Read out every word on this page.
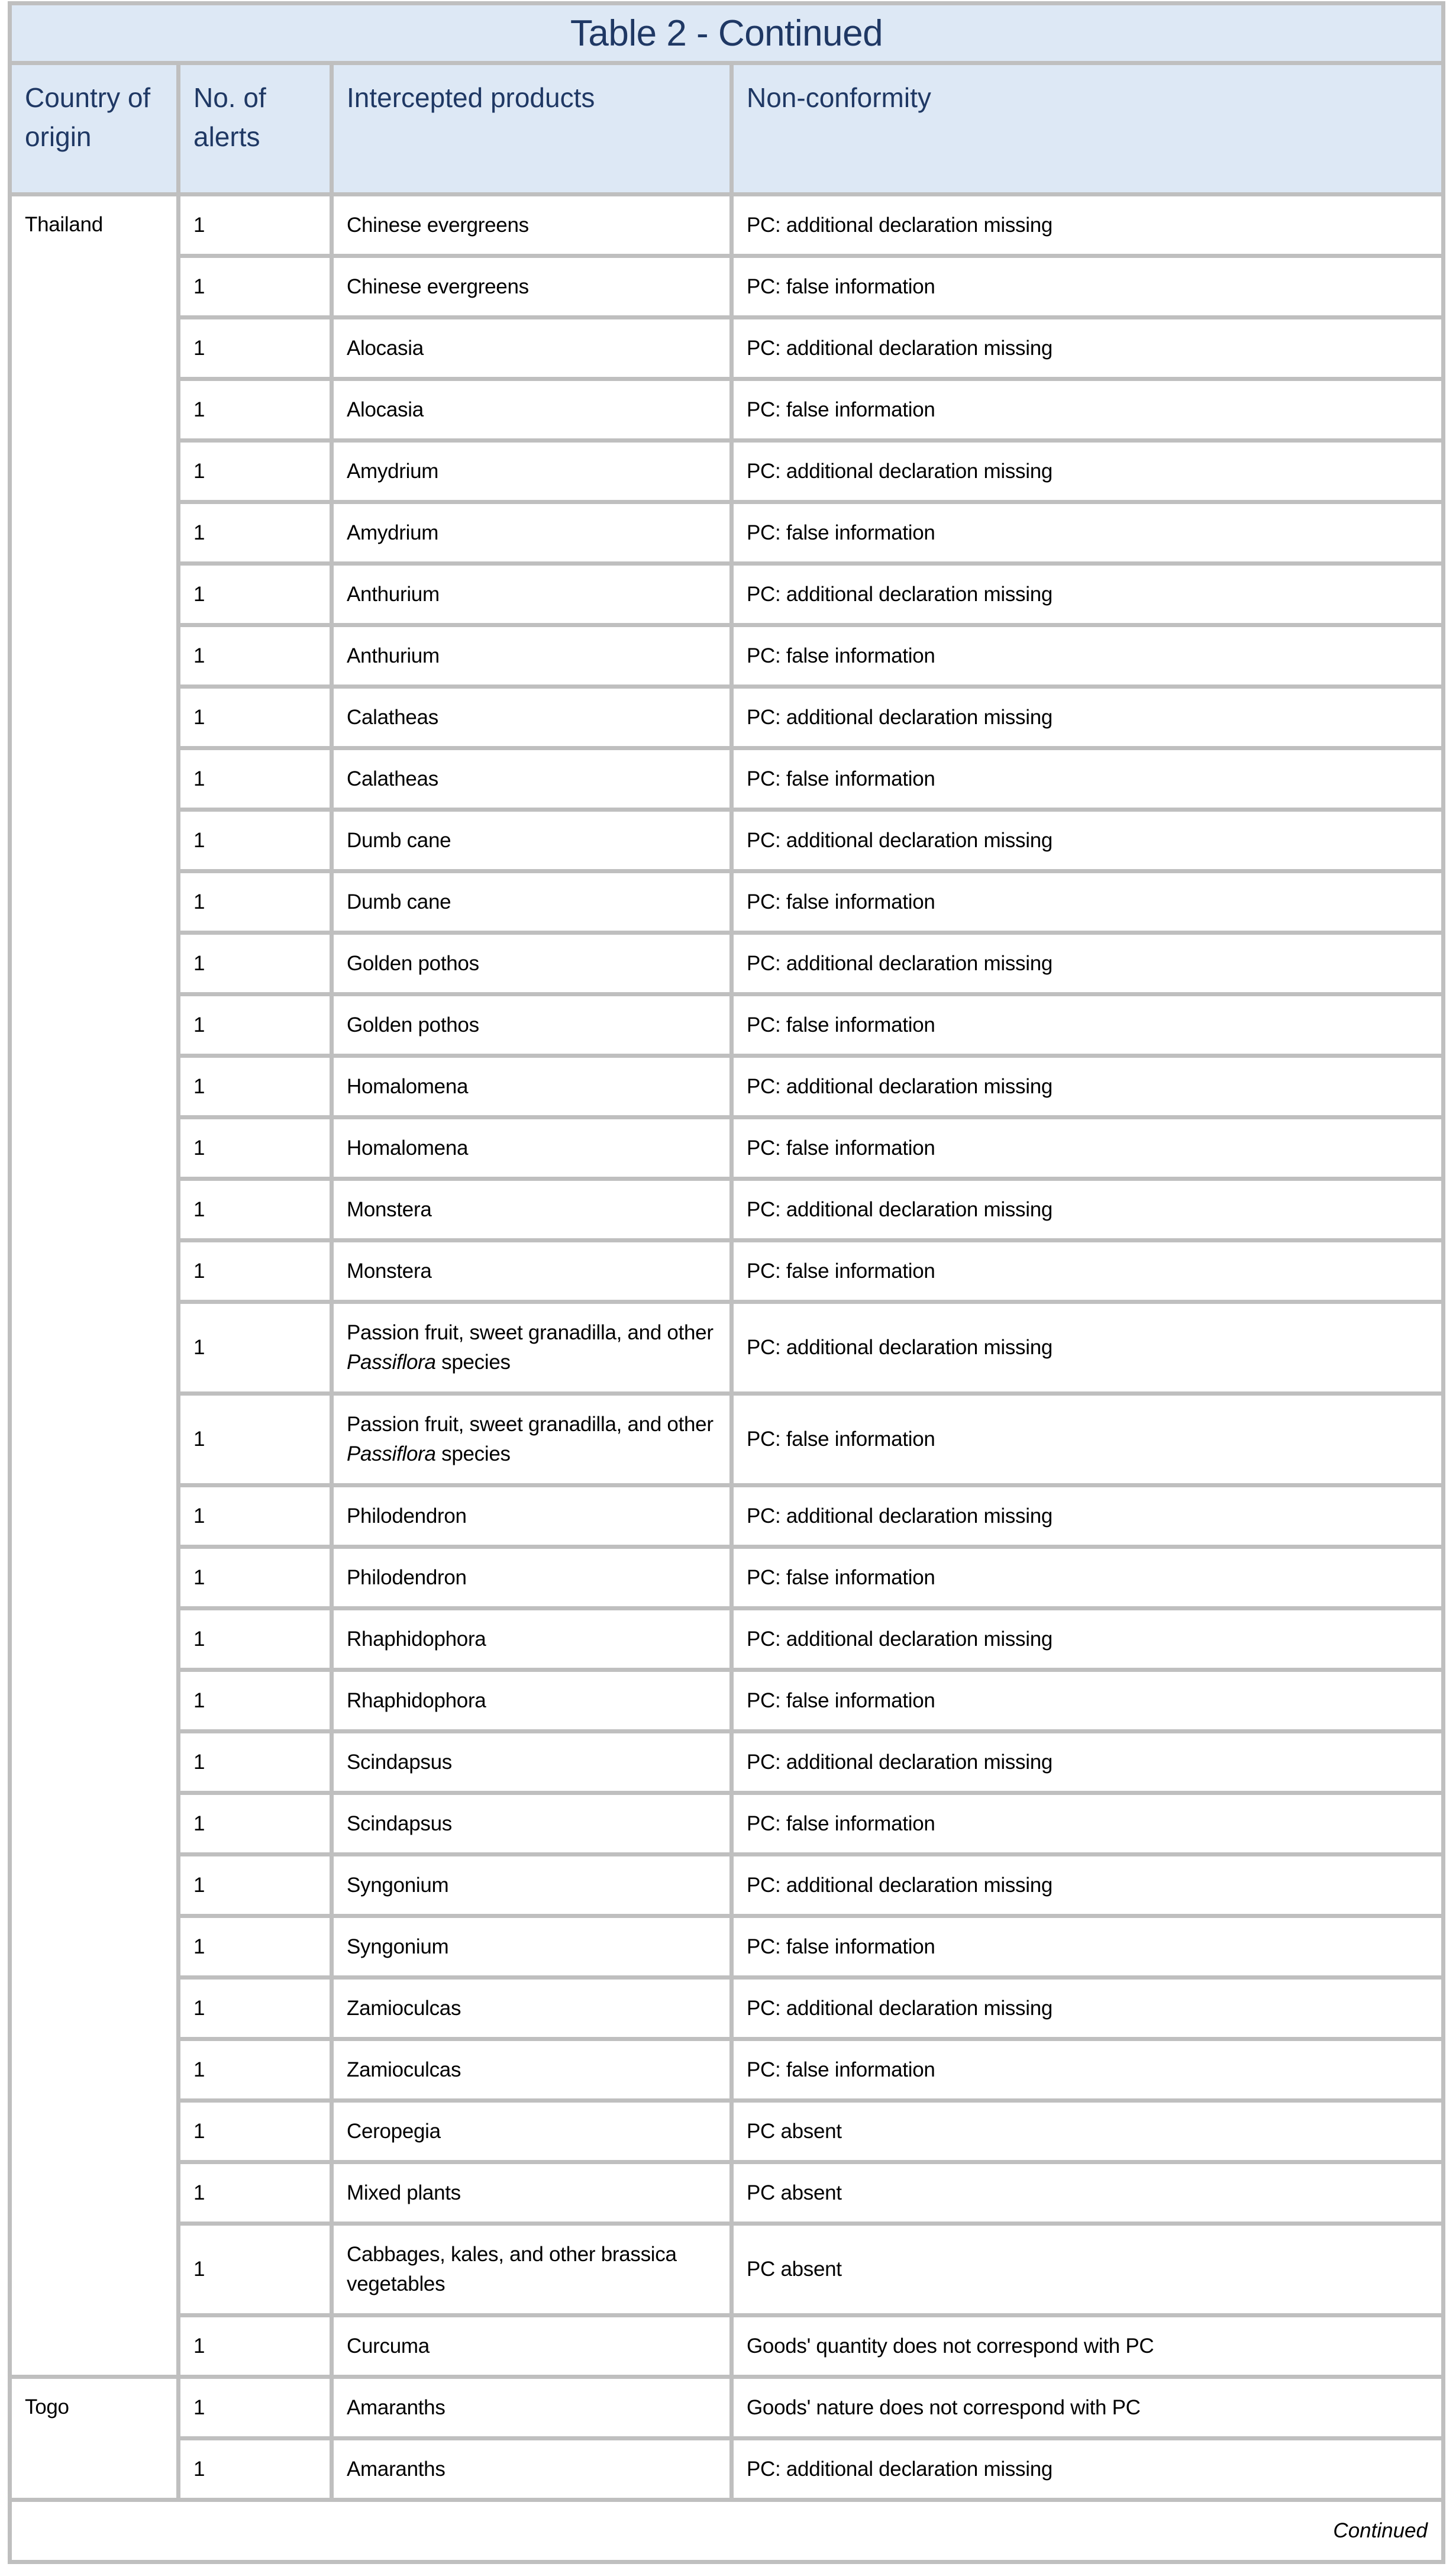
Table 2 - Continued			
Country of origin	No. of alerts	Intercepted products	Non-conformity
Thailand	1	Chinese evergreens	PC: additional declaration missing
	1	Chinese evergreens	PC: false information
	1	Alocasia	PC: additional declaration missing
	1	Alocasia	PC: false information
	1	Amydrium	PC: additional declaration missing
	1	Amydrium	PC: false information
	1	Anthurium	PC: additional declaration missing
	1	Anthurium	PC: false information
	1	Calatheas	PC: additional declaration missing
	1	Calatheas	PC: false information
	1	Dumb cane	PC: additional declaration missing
	1	Dumb cane	PC: false information
	1	Golden pothos	PC: additional declaration missing
	1	Golden pothos	PC: false information
	1	Homalomena	PC: additional declaration missing
	1	Homalomena	PC: false information
	1	Monstera	PC: additional declaration missing
	1	Monstera	PC: false information
	1	Passion fruit, sweet granadilla, and other Passiflora species	PC: additional declaration missing
	1	Passion fruit, sweet granadilla, and other Passiflora species	PC: false information
	1	Philodendron	PC: additional declaration missing
	1	Philodendron	PC: false information
	1	Rhaphidophora	PC: additional declaration missing
	1	Rhaphidophora	PC: false information
	1	Scindapsus	PC: additional declaration missing
	1	Scindapsus	PC: false information
	1	Syngonium	PC: additional declaration missing
	1	Syngonium	PC: false information
	1	Zamioculcas	PC: additional declaration missing
	1	Zamioculcas	PC: false information
	1	Ceropegia	PC absent
	1	Mixed plants	PC absent
	1	Cabbages, kales, and other brassica vegetables	PC absent
	1	Curcuma	Goods' quantity does not correspond with PC
Togo	1	Amaranths	Goods' nature does not correspond with PC
	1	Amaranths	PC: additional declaration missing
Continued			
